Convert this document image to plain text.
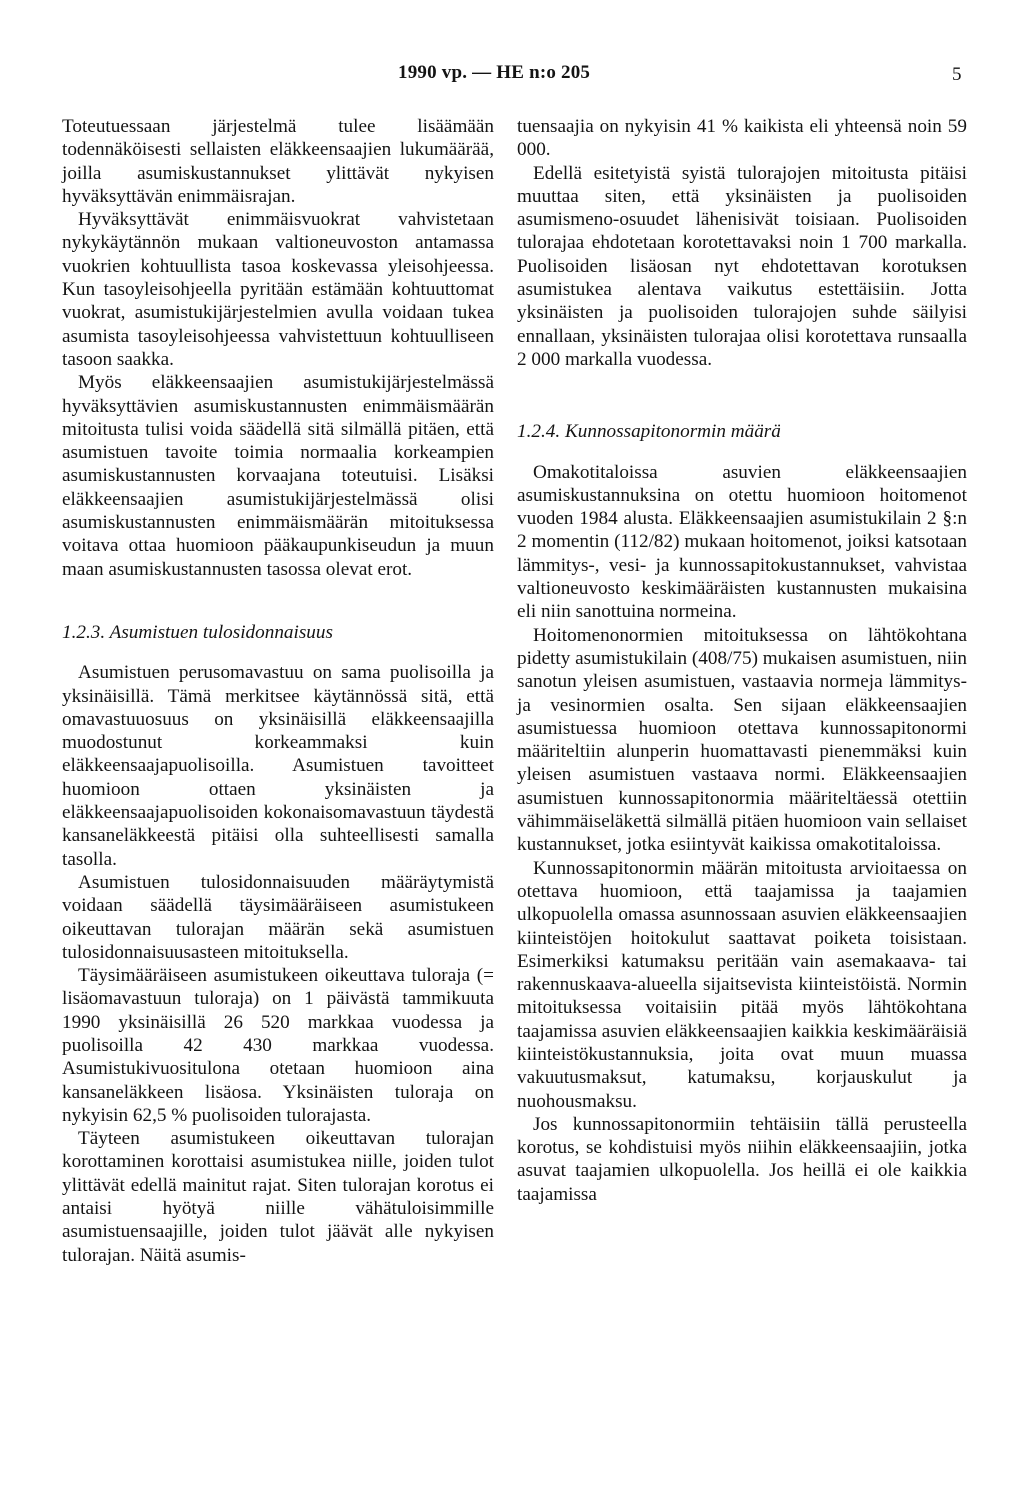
1990 vp. — HE n:o 205	5

Toteutuessaan järjestelmä tulee lisäämään todennäköisesti sellaisten eläkkeensaajien lukumäärää, joilla asumiskustannukset ylittävät nykyisen hyväksyttävän enimmäisrajan.

Hyväksyttävät enimmäisvuokrat vahvistetaan nykykäytännön mukaan valtioneuvoston antamassa vuokrien kohtuullista tasoa koskevassa yleisohjeessa. Kun tasoyleisohjeella pyritään estämään kohtuuttomat vuokrat, asumistukijärjestelmien avulla voidaan tukea asumista tasoyleisohjeessa vahvistettuun kohtuulliseen tasoon saakka.

Myös eläkkeensaajien asumistukijärjestelmässä hyväksyttävien asumiskustannusten enimmäismäärän mitoitusta tulisi voida säädellä sitä silmällä pitäen, että asumistuen tavoite toimia normaalia korkeampien asumiskustannusten korvaajana toteutuisi. Lisäksi eläkkeensaajien asumistukijärjestelmässä olisi asumiskustannusten enimmäismäärän mitoituksessa voitava ottaa huomioon pääkaupunkiseudun ja muun maan asumiskustannusten tasossa olevat erot.

1.2.3. Asumistuen tulosidonnaisuus

Asumistuen perusomavastuu on sama puolisoilla ja yksinäisillä. Tämä merkitsee käytännössä sitä, että omavastuuosuus on yksinäisillä eläkkeensaajilla muodostunut korkeammaksi kuin eläkkeensaajapuolisoilla. Asumistuen tavoitteet huomioon ottaen yksinäisten ja eläkkeensaajapuolisoiden kokonaisomavastuun täydestä kansaneläkkeestä pitäisi olla suhteellisesti samalla tasolla.

Asumistuen tulosidonnaisuuden määräytymistä voidaan säädellä täysimääräiseen asumistukeen oikeuttavan tulorajan määrän sekä asumistuen tulosidonnaisuusasteen mitoituksella.

Täysimääräiseen asumistukeen oikeuttava tuloraja (= lisäomavastuun tuloraja) on 1 päivästä tammikuuta 1990 yksinäisillä 26 520 markkaa vuodessa ja puolisoilla 42 430 markkaa vuodessa. Asumistukivuositulona otetaan huomioon aina kansaneläkkeen lisäosa. Yksinäisten tuloraja on nykyisin 62,5 % puolisoiden tulorajasta.

Täyteen asumistukeen oikeuttavan tulorajan korottaminen korottaisi asumistukea niille, joiden tulot ylittävät edellä mainitut rajat. Siten tulorajan korotus ei antaisi hyötyä niille vähätuloisimmille asumistuensaajille, joiden tulot jäävät alle nykyisen tulorajan. Näitä asumis-

tuensaajia on nykyisin 41 % kaikista eli yhteensä noin 59 000.

Edellä esitetyistä syistä tulorajojen mitoitusta pitäisi muuttaa siten, että yksinäisten ja puolisoiden asumismeno-osuudet lähenisivät toisiaan. Puolisoiden tulorajaa ehdotetaan korotettavaksi noin 1 700 markalla. Puolisoiden lisäosan nyt ehdotettavan korotuksen asumistukea alentava vaikutus estettäisiin. Jotta yksinäisten ja puolisoiden tulorajojen suhde säilyisi ennallaan, yksinäisten tulorajaa olisi korotettava runsaalla 2 000 markalla vuodessa.

1.2.4. Kunnossapitonormin määrä

Omakotitaloissa asuvien eläkkeensaajien asumiskustannuksina on otettu huomioon hoitomenot vuoden 1984 alusta. Eläkkeensaajien asumistukilain 2 §:n 2 momentin (112/82) mukaan hoitomenot, joiksi katsotaan lämmitys-, vesi- ja kunnossapitokustannukset, vahvistaa valtioneuvosto keskimääräisten kustannusten mukaisina eli niin sanottuina normeina.

Hoitomenonormien mitoituksessa on lähtökohtana pidetty asumistukilain (408/75) mukaisen asumistuen, niin sanotun yleisen asumistuen, vastaavia normeja lämmitys- ja vesinormien osalta. Sen sijaan eläkkeensaajien asumistuessa huomioon otettava kunnossapitonormi määriteltiin alunperin huomattavasti pienemmäksi kuin yleisen asumistuen vastaava normi. Eläkkeensaajien asumistuen kunnossapitonormia määriteltäessä otettiin vähimmäiseläkettä silmällä pitäen huomioon vain sellaiset kustannukset, jotka esiintyvät kaikissa omakotitaloissa.

Kunnossapitonormin määrän mitoitusta arvioitaessa on otettava huomioon, että taajamissa ja taajamien ulkopuolella omassa asunnossaan asuvien eläkkeensaajien kiinteistöjen hoitokulut saattavat poiketa toisistaan. Esimerkiksi katumaksu peritään vain asemakaava- tai rakennuskaava-alueella sijaitsevista kiinteistöistä. Normin mitoituksessa voitaisiin pitää myös lähtökohtana taajamissa asuvien eläkkeensaajien kaikkia keskimääräisiä kiinteistökustannuksia, joita ovat muun muassa vakuutusmaksut, katumaksu, korjauskulut ja nuohousmaksu.

Jos kunnossapitonormiin tehtäisiin tällä perusteella korotus, se kohdistuisi myös niihin eläkkeensaajiin, jotka asuvat taajamien ulkopuolella. Jos heillä ei ole kaikkia taajamissa
